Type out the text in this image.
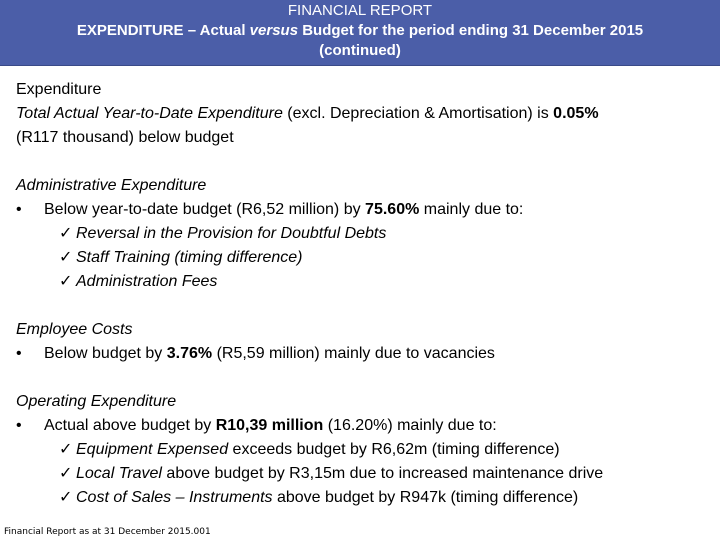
FINANCIAL REPORT
EXPENDITURE – Actual versus Budget for the period ending 31 December 2015
(continued)

Expenditure

Total Actual Year-to-Date Expenditure (excl. Depreciation & Amortisation) is 0.05%

(R117 thousand) below budget

Administrative Expenditure

• Below year-to-date budget (R6,52 million) by 75.60% mainly due to:

✓ Reversal in the Provision for Doubtful Debts

✓ Staff Training (timing difference)

✓ Administration Fees

Employee Costs

• Below budget by 3.76% (R5,59 million) mainly due to vacancies

Operating Expenditure

• Actual above budget by R10,39 million (16.20%) mainly due to:

✓ Equipment Expensed exceeds budget by R6,62m (timing difference)

✓ Local Travel above budget by R3,15m due to increased maintenance drive

✓ Cost of Sales – Instruments above budget by R947k (timing difference)

Financial Report as at 31 December 2015.001
